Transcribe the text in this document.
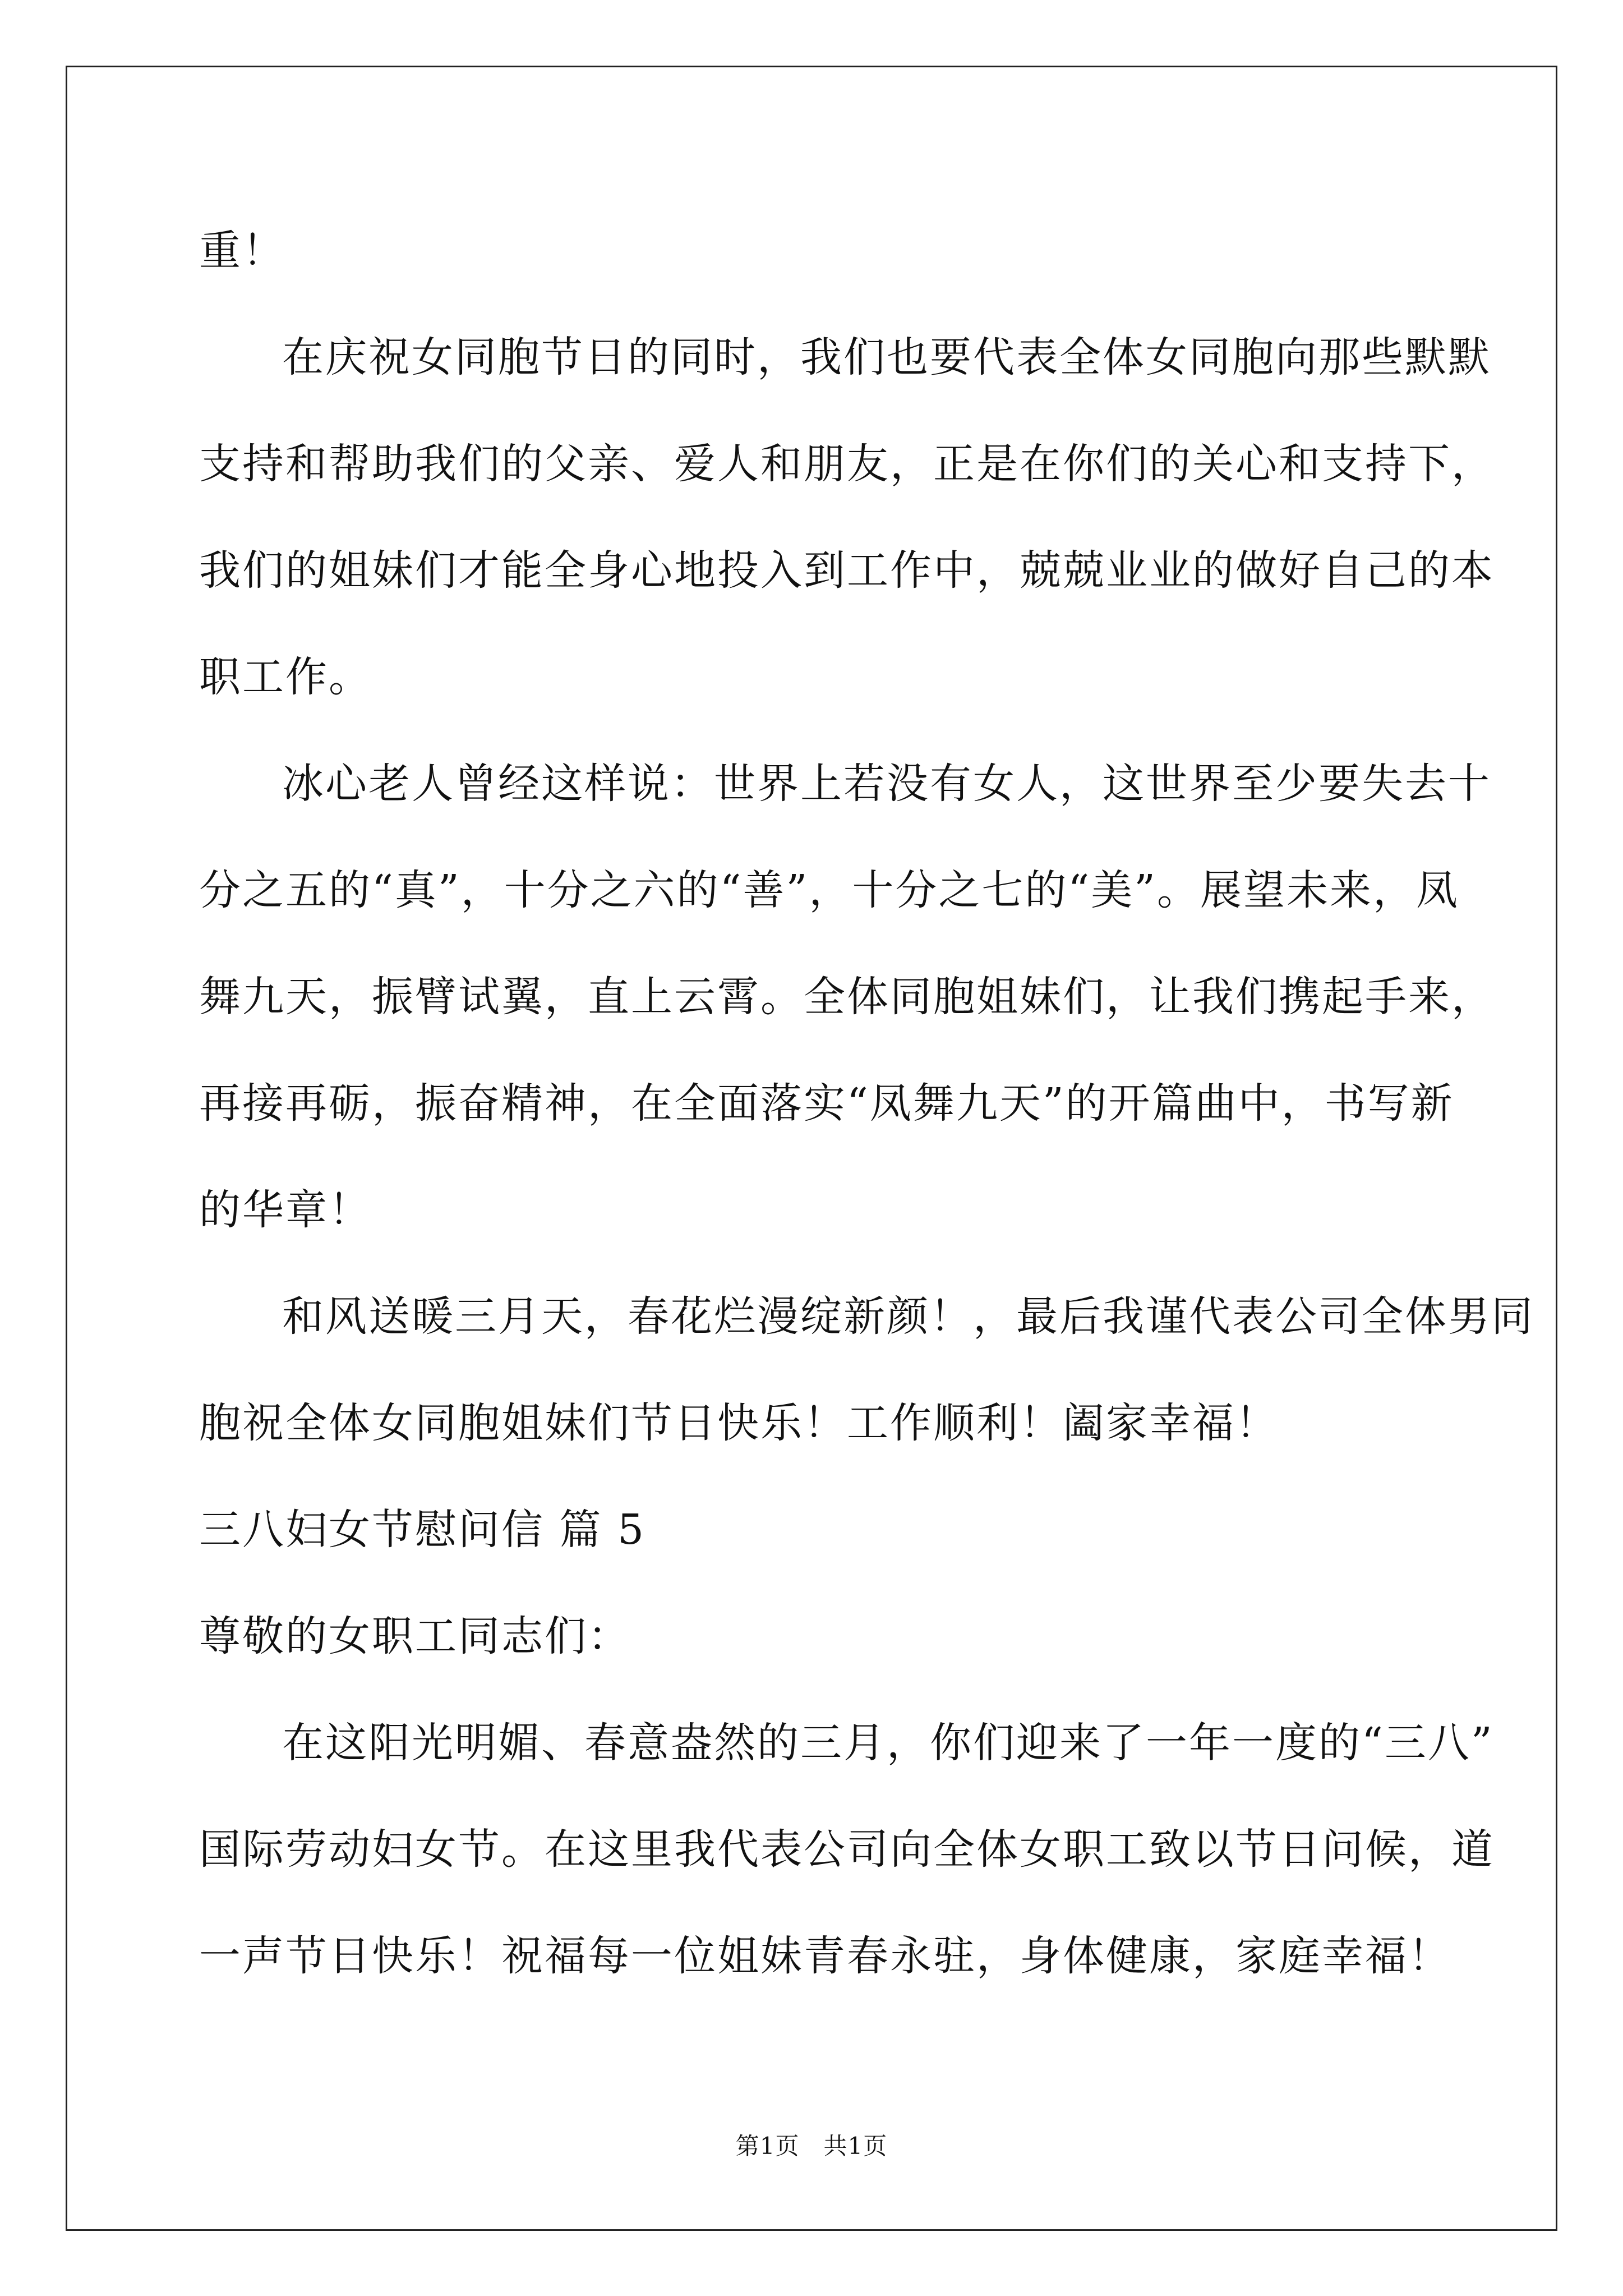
重！
在庆祝女同胞节日的同时，我们也要代表全体女同胞向那些默默
支持和帮助我们的父亲、爱人和朋友，正是在你们的关心和支持下，
我们的姐妹们才能全身心地投入到工作中，兢兢业业的做好自己的本
职工作。
冰心老人曾经这样说：世界上若没有女人，这世界至少要失去十
分之五的“真”，十分之六的“善”，十分之七的“美”。展望未来，凤
舞九天，振臂试翼，直上云霄。全体同胞姐妹们，让我们携起手来，
再接再砺，振奋精神，在全面落实“凤舞九天”的开篇曲中，书写新
的华章！
和风送暖三月天，春花烂漫绽新颜！，最后我谨代表公司全体男同
胞祝全体女同胞姐妹们节日快乐！工作顺利！阖家幸福！
三八妇女节慰问信 篇 5
尊敬的女职工同志们：
在这阳光明媚、春意盎然的三月，你们迎来了一年一度的“三八”
国际劳动妇女节。在这里我代表公司向全体女职工致以节日问候，道
一声节日快乐！祝福每一位姐妹青春永驻，身体健康，家庭幸福！
第1页　共1页
